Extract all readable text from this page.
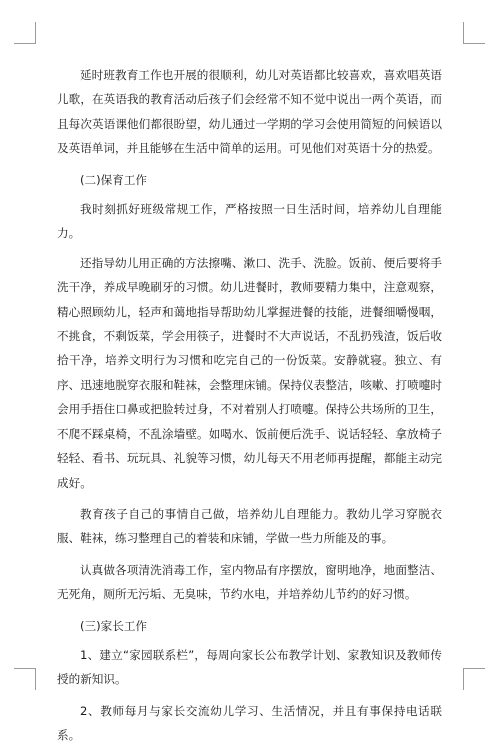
延时班教育工作也开展的很顺利，幼儿对英语都比较喜欢，喜欢唱英语儿歌，在英语我的教育活动后孩子们会经常不知不觉中说出一两个英语，而且每次英语课他们都很盼望，幼儿通过一学期的学习会使用简短的问候语以及英语单词，并且能够在生活中简单的运用。可见他们对英语十分的热爱。

(二)保育工作

我时刻抓好班级常规工作，严格按照一日生活时间，培养幼儿自理能力。

还指导幼儿用正确的方法擦嘴、漱口、洗手、洗脸。饭前、便后要将手洗干净，养成早晚刷牙的习惯。幼儿进餐时，教师要精力集中，注意观察，精心照顾幼儿，轻声和蔼地指导帮助幼儿掌握进餐的技能，进餐细嚼慢咽，不挑食，不剩饭菜，学会用筷子，进餐时不大声说话，不乱扔残渣，饭后收拾干净，培养文明行为习惯和吃完自己的一份饭菜。安静就寝。独立、有序、迅速地脱穿衣服和鞋袜，会整理床铺。保持仪表整洁，咳嗽、打喷嚏时会用手捂住口鼻或把脸转过身，不对着别人打喷嚏。保持公共场所的卫生，不爬不踩桌椅，不乱涂墙壁。如喝水、饭前便后洗手、说话轻轻、拿放椅子轻轻、看书、玩玩具、礼貌等习惯，幼儿每天不用老师再提醒，都能主动完成好。

教育孩子自己的事情自己做，培养幼儿自理能力。教幼儿学习穿脱衣服、鞋袜，练习整理自己的着装和床铺，学做一些力所能及的事。

认真做各项清洗消毒工作，室内物品有序摆放，窗明地净，地面整洁、无死角，厕所无污垢、无臭味，节约水电，并培养幼儿节约的好习惯。

(三)家长工作

1、建立“家园联系栏”，每周向家长公布教学计划、家教知识及教师传授的新知识。

2、教师每月与家长交流幼儿学习、生活情况，并且有事保持电话联系。
